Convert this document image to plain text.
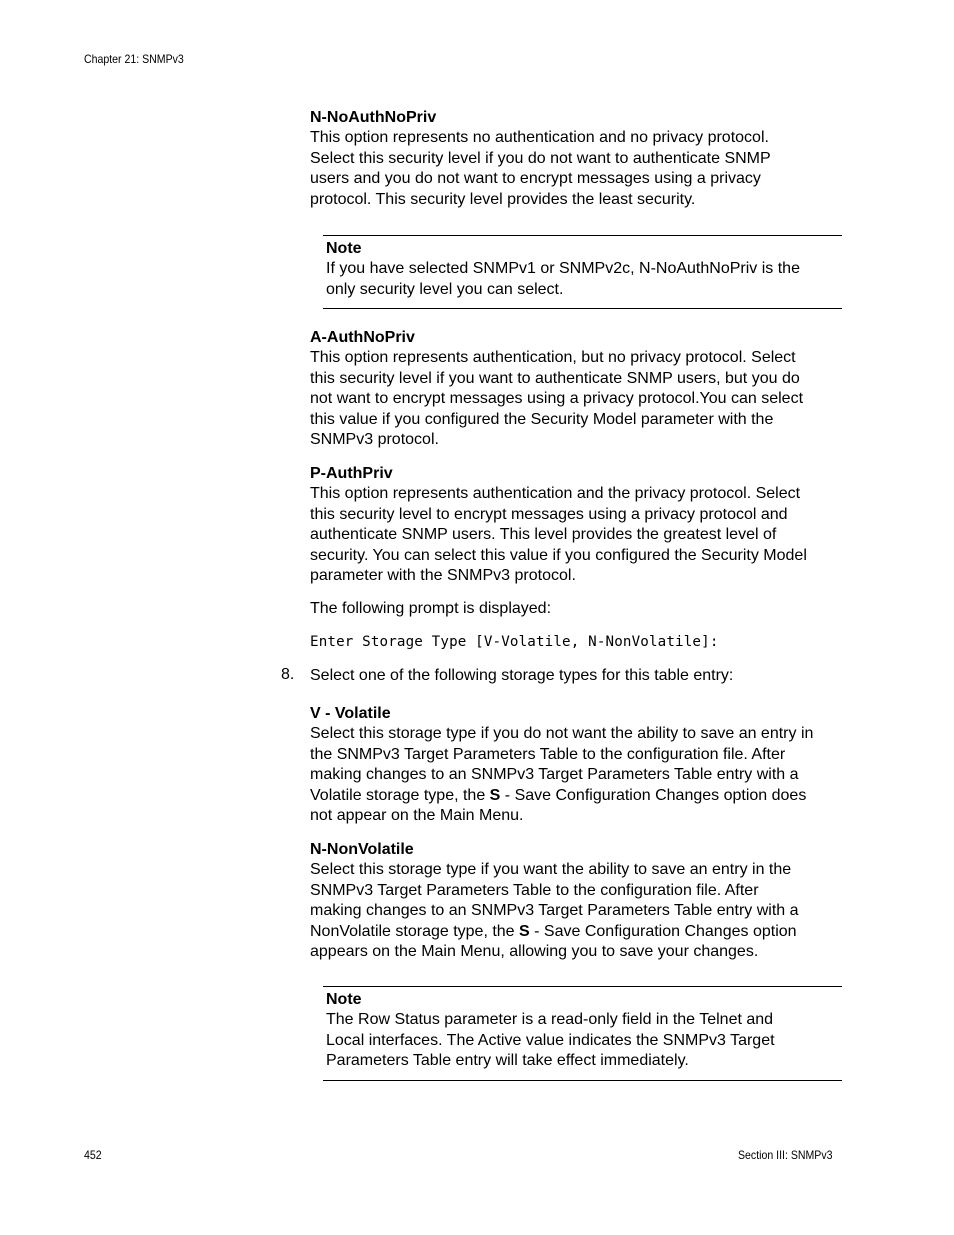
Chapter 21: SNMPv3

N-NoAuthNoPriv

This option represents no authentication and no privacy protocol.

Select this security level if you do not want to authenticate SNMP

users and you do not want to encrypt messages using a privacy

protocol. This security level provides the least security.

Note

If you have selected SNMPv1 or SNMPv2c, N-NoAuthNoPriv is the

only security level you can select.

A-AuthNoPriv

This option represents authentication, but no privacy protocol. Select

this security level if you want to authenticate SNMP users, but you do

not want to encrypt messages using a privacy protocol.You can select

this value if you configured the Security Model parameter with the

SNMPv3 protocol.

P-AuthPriv

This option represents authentication and the privacy protocol. Select

this security level to encrypt messages using a privacy protocol and

authenticate SNMP users. This level provides the greatest level of

security. You can select this value if you configured the Security Model

parameter with the SNMPv3 protocol.

The following prompt is displayed:
Enter Storage Type [V-Volatile, N-NonVolatile]:
8. Select one of the following storage types for this table entry:

V - Volatile

Select this storage type if you do not want the ability to save an entry in

the SNMPv3 Target Parameters Table to the configuration file. After

making changes to an SNMPv3 Target Parameters Table entry with a

Volatile storage type, the S - Save Configuration Changes option does

not appear on the Main Menu.

N-NonVolatile

Select this storage type if you want the ability to save an entry in the

SNMPv3 Target Parameters Table to the configuration file. After

making changes to an SNMPv3 Target Parameters Table entry with a

NonVolatile storage type, the S - Save Configuration Changes option

appears on the Main Menu, allowing you to save your changes.

Note

The Row Status parameter is a read-only field in the Telnet and

Local interfaces. The Active value indicates the SNMPv3 Target

Parameters Table entry will take effect immediately.

452	Section III: SNMPv3
